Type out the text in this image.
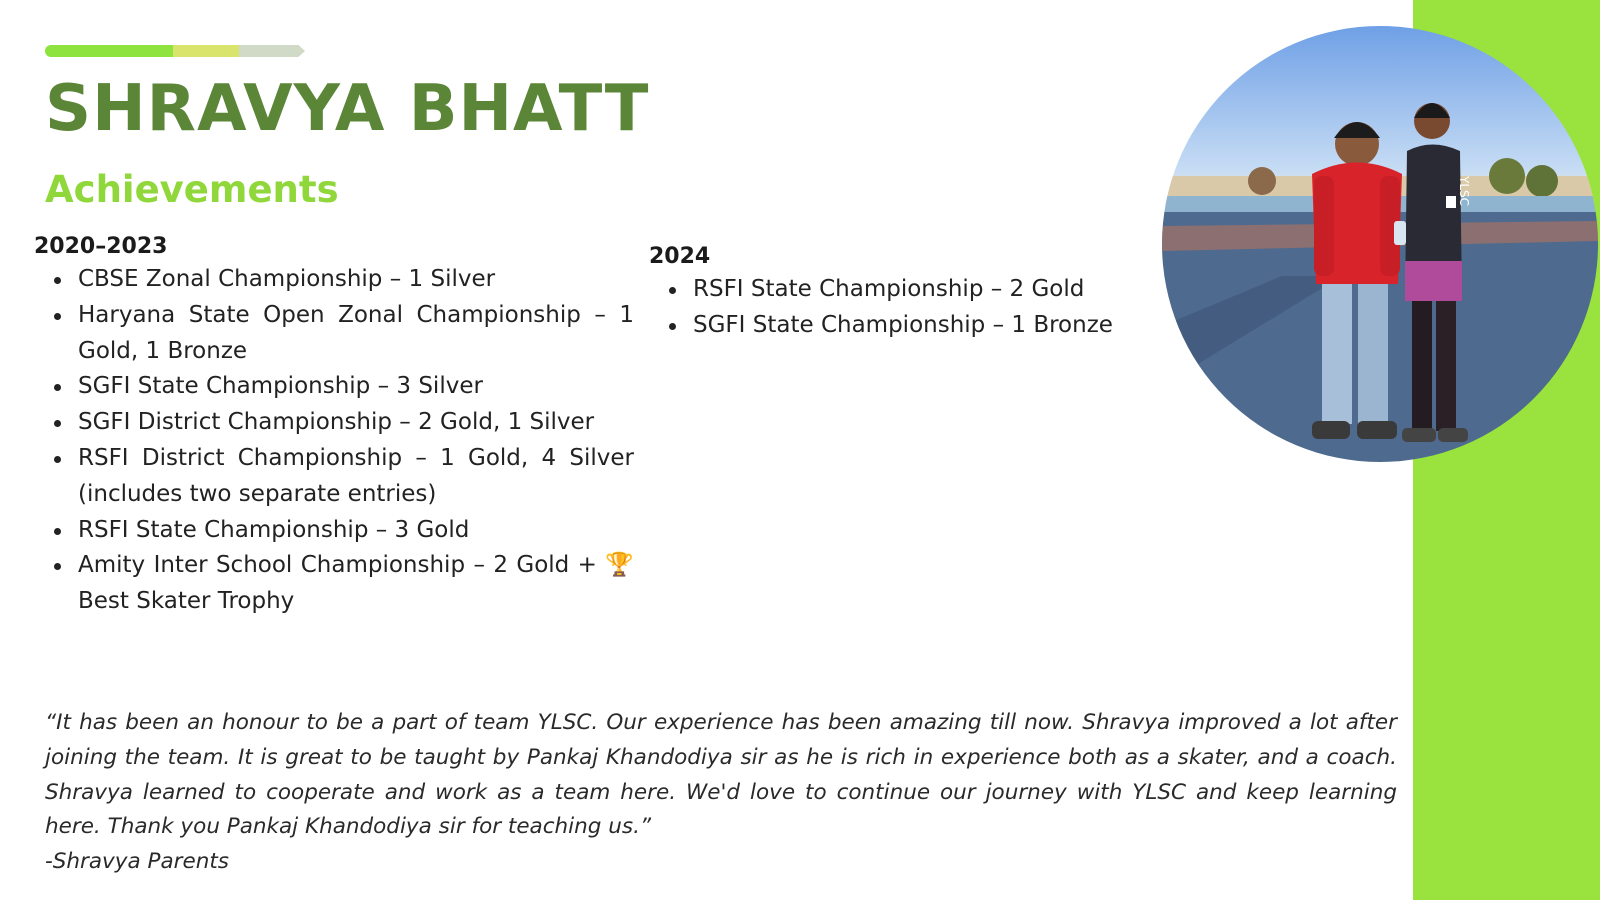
SHRAVYA BHATT
Achievements

2020–2023

CBSE Zonal Championship – 1 Silver
Haryana State Open Zonal Championship – 1 Gold, 1 Bronze
SGFI State Championship – 3 Silver
SGFI District Championship – 2 Gold, 1 Silver
RSFI District Championship – 1 Gold, 4 Silver (includes two separate entries)
RSFI State Championship – 3 Gold
Amity Inter School Championship – 2 Gold + 🏆 Best Skater Trophy

2024

RSFI State Championship – 2 Gold
SGFI State Championship – 1 Bronze
YLSC

“It has been an honour to be a part of team YLSC. Our experience has been amazing till now. Shravya improved a lot after joining the team. It is great to be taught by Pankaj Khandodiya sir as he is rich in experience both as a skater, and a coach. Shravya learned to cooperate and work as a team here. We'd love to continue our journey with YLSC and keep learning here. Thank you Pankaj Khandodiya sir for teaching us.”

-Shravya Parents
